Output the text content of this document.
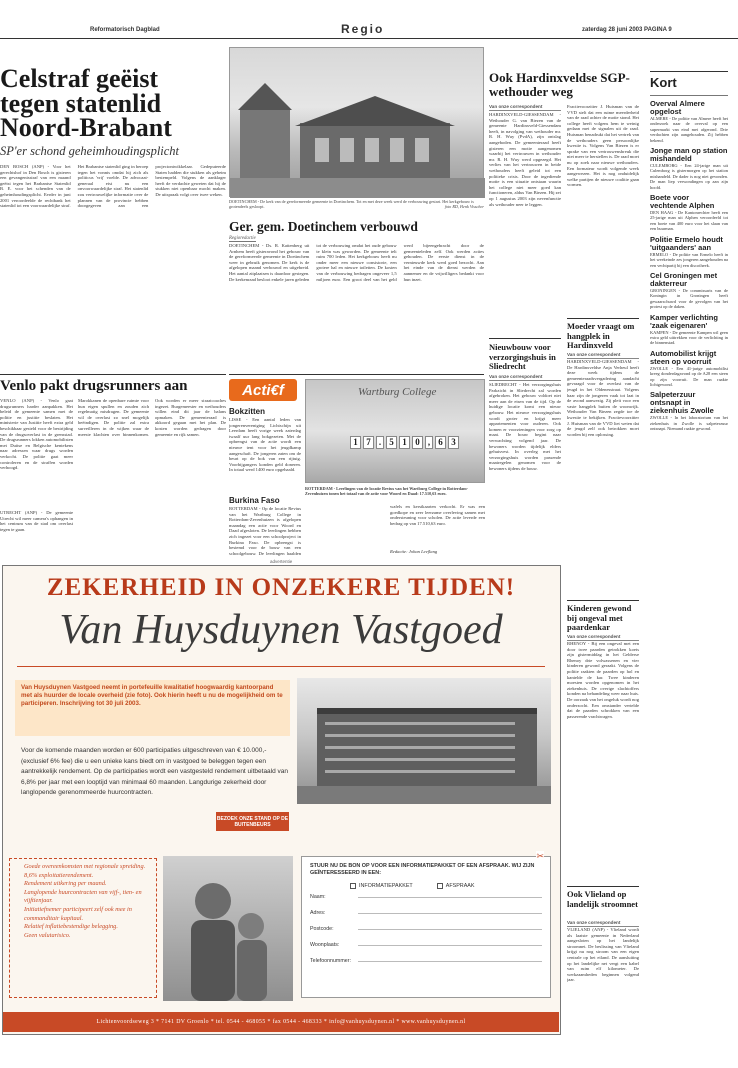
Reformatorisch Dagblad	Regio	zaterdag 28 juni 2003 PAGINA 9
Celstraf geëist tegen statenlid Noord-Brabant
SP'er schond geheimhoudingsplicht
DEN BOSCH (ANP) - Voor het gerechtshof in Den Bosch is gisteren een gevangenisstraf van een maand geëist tegen het Brabantse Statenlid B. E. voor het schenden van de geheimhoudingsplicht. Eerder in juni 2001 veroordeelde de rechtbank het statenlid tot een voorwaardelijke straf. Het Brabantse statenlid ging in beroep tegen het vonnis omdat hij zich als politicus 'vrij' voelde. De advocaat-generaal eist nu een onvoorwaardelijke straf. Het statenlid zou vertrouwelijke informatie over de plannen van de provincie hebben doorgegeven aan een projectontwikkelaar. Gedeputeerde Staten hadden die stukken als geheim bestempeld. Volgens de aanklager heeft de verdachte geweten dat hij de stukken niet openbaar mocht maken. De uitspraak volgt over twee weken.
Venlo pakt drugsrunners aan
VENLO (ANP) - Venlo gaat drugsrunners harder aanpakken. Het beleid de gemeente samen met de politie en justitie beslaten. Het ministerie van Justitie heeft extra geld beschikbaar gesteld voor de bestrijding van de drugsoverlast in de grensstad. De drugsrunners lokken automobilisten met Duitse en Belgische kentekens naar adressen waar drugs worden verkocht. De politie gaat meer controleren en de straffen worden verhoogd.
UTRECHT (ANP) - De gemeente Utrecht wil meer camera's ophangen in het centrum van de stad om overlast tegen te gaan.
Marokkanen de openbare ruimte voor hun eigen spullen en zouden zich regelmatig misdragen. De gemeente wil de overlast zo snel mogelijk beëindigen. De politie zal extra surveilleren in de wijken waar de meeste klachten over binnenkomen. Ook worden er meer straatcoaches ingezet. Burgemeester en wethouders willen eind dit jaar de balans opmaken. De gemeenteraad is akkoord gegaan met het plan. De kosten worden gedragen door gemeente en rijk samen.
DOETINCHEM - De kerk van de gereformeerde gemeente in Doetinchem. Tot en met deze week werd de verbouwing gestart. Het kerkgebouw is grotendeels gesloopt.	foto RD, Henk Visscher
Ger. gem. Doetinchem verbouwd
Regioredactie
DOETINCHEM - Ds. R. Kattenberg uit Arnhem heeft gisteravond het gebouw van de gereformeerde gemeente in Doetinchem weer in gebruik genomen. De kerk is de afgelopen maand verbouwd en uitgebreid. Het aantal zitplaatsen is daardoor gestegen. De kerkenraad besloot enkele jaren geleden tot de verbouwing omdat het oude gebouw te klein was geworden. De gemeente telt ruim 700 leden. Het kerkgebouw heeft nu onder meer een nieuwe consistorie, een grotere hal en nieuwe toiletten. De kosten van de verbouwing bedragen ongeveer 1,5 miljoen euro. Een groot deel van het geld werd bijeengebracht door de gemeenteleden zelf. Ook werden acties gehouden. De eerste dienst in de vernieuwde kerk werd goed bezocht. Aan het einde van de dienst werden de aannemer en de vrijwilligers bedankt voor hun inzet.
Acti€f
Bokzitten
LISSE - Een aantal leden van jongerenvereniging Lichtschijn uit Leerdam heeft vorige week zaterdag twaalf uur lang bokgezeten. Met de opbrengst van de actie wordt een nieuwe tent voor het jeugdkamp aangeschaft. De jongeren zaten om de beurt op de bok van een rijtuig. Voorbijgangers konden geld doneren. In totaal werd 1400 euro opgehaald.
Burkina Faso
ROTTERDAM - Op de locatie Revius van het Wartburg College in Rotterdam-Zevenhuizen is afgelopen maandag een actie voor Woord en Daad afgesloten. De leerlingen hebben zich ingezet voor een schoolproject in Burkina Faso. De opbrengst is bestemd voor de bouw van een schoolgebouw. De leerlingen haalden
Wartburg College
1 7 . 5 1 0 , 6 3
ROTTERDAM - Leerlingen van de locatie Revius van het Wartburg College in Rotterdam-Zevenhuizen tonen het totaal van de actie voor Woord en Daad: 17.510,63 euro.
wafels en kerstkaarten verkocht. Er was een goedkope en zeer leerzame overleving samen met ondersteuning voor scholen. De actie leverde een bedrag op van 17.510,63 euro.
Redactie: Johan Leeflang
Ook Hardinxveldse SGP-wethouder weg
Van onze correspondent
HARDINXVELD-GIESSENDAM - Wethouder G. van Biezen van de gemeente Hardinxveld-Giessendam heeft, in navolging van wethouder mr. R. H. Wuy (PvdA), zijn ontslag aangeboden. De gemeenteraad heeft gisteren een motie aangenomen waarbij het vertrouwen in wethouder mr. R. H. Wuy werd opgezegd. Het verlies van het vertrouwen in beide wethouders heeft geleid tot een politieke crisis. Door de ingediende motie is een situatie ontstaan waarin het college niet meer goed kan functioneren, aldus Van Biezen. Hij zei op 1 augustus 2003 zijn nevenfunctie als wethouder neer te leggen.
Fractievoorzitter J. Huisman van de VVD stelt dat een ruime meerderheid van de raad achter de motie stond. Het college heeft volgens hem te weinig gedaan met de signalen uit de raad. Huisman benadrukt dat het vertrek van de wethouders geen persoonlijke kwestie is. Volgens Van Biezen is er sprake van een vertrouwensbreuk die niet meer te herstellen is. De raad moet nu op zoek naar nieuwe wethouders. Een formateur wordt volgende week aangewezen. Het is nog onduidelijk welke partijen de nieuwe coalitie gaan vormen.
Nieuwbouw voor verzorgingshuis in Sliedrecht
Van onze correspondent
SLIEDRECHT - Het verzorgingshuis Parkzicht in Sliedrecht zal worden afgebroken. Het gebouw voldoet niet meer aan de eisen van de tijd. Op de huidige locatie komt een nieuw gebouw. Het nieuwe verzorgingshuis wordt groter en krijgt meer appartementen voor ouderen. Ook komen er voorzieningen voor zorg op maat. De bouw begint naar verwachting volgend jaar. De bewoners worden tijdelijk elders gehuisvest. In overleg met het verzorgingshuis worden passende maatregelen genomen voor de bewoners tijdens de bouw.
Moeder vraagt om hangplek in Hardinxveld
Van onze correspondent
HARDINXVELD-GIESSENDAM - De Hardinxveldse Anja Verheul heeft deze week tijdens de gemeenteraadsvergadering aandacht gevraagd voor de overlast van de jeugd in het Oldenesstraat. Volgens haar zijn de jongeren vaak tot laat in de avond aanwezig. Zij pleit voor een vaste hangplek buiten de woonwijk. Wethouder Van Biezen zegde toe de kwestie te bekijken. Fractievoorzitter J. Huisman van de VVD liet weten dat de jeugd zelf ook betrokken moet worden bij een oplossing.
Kinderen gewond bij ongeval met paardenkar
Van onze correspondent
RHENOY - Bij een ongeval met een door twee paarden getrokken koets zijn gistermiddag in het Gelderse Rhenoy drie volwassenen en vier kinderen gewond geraakt. Volgens de politie raakten de paarden op hol en kantelde de kar. Twee kinderen moesten worden opgenomen in het ziekenhuis. De overige slachtoffers konden na behandeling weer naar huis. De oorzaak van het ongeluk wordt nog onderzocht. Een omstander vertelde dat de paarden schrokken van een passerende vrachtwagen.
Ook Vlieland op landelijk stroomnet
Van onze correspondent
VLIELAND (ANP) - Vlieland wordt als laatste gemeente in Nederland aangesloten op het landelijk stroomnet. De beslissing van Vlieland krijgt nu nog stroom van een eigen centrale op het eiland. De aansluiting op het landelijke net vergt een kabel van ruim elf kilometer. De werkzaamheden beginnen volgend jaar.
Kort
Overval Almere opgelost
ALMERE - De politie van Almere heeft het onderzoek naar de overval op een supermarkt van eind mei afgerond. Drie verdachten zijn aangehouden. Zij hebben bekend.
Jonge man op station mishandeld
CULEMBORG - Een 24-jarige man uit Culemborg is gistermorgen op het station mishandeld. De dader is nog niet gevonden. De man liep verwondingen op aan zijn hoofd.
Boete voor vechtende Alphen
DEN HAAG - De Kantonrechter heeft een 25-jarige man uit Alphen veroordeeld tot een boete van 400 euro voor het slaan van een buurman.
Politie Ermelo houdt 'uitgaanders' aan
ERMELO - De politie van Ermelo heeft in het weekeinde zes jongeren aangehouden na een vechtpartij bij een discotheek.
Cel Groningen met dakterreur
GRONINGEN - De commissaris van de Koningin in Groningen heeft gewaarschuwd voor de gevolgen van het protest op de daken.
Kamper verlichting 'zaak eigenaren'
KAMPEN - De gemeente Kampen wil geen extra geld uittrekken voor de verlichting in de binnenstad.
Automobilist krijgt steen op voorruit
ZWOLLE - Een 41-jarige automobilist kreeg donderdagavond op de A28 een steen op zijn voorruit. De man raakte lichtgewond.
Salpeterzuur ontsnapt in ziekenhuis Zwolle
ZWOLLE - In het laboratorium van het ziekenhuis in Zwolle is salpeterzuur ontsnapt. Niemand raakte gewond.
advertentie
ZEKERHEID IN ONZEKERE TIJDEN!
Van Huysduynen Vastgoed
Van Huysduynen Vastgoed neemt in portefeuille kwalitatief hoogwaardig kantoorpand met als huurder de locale overheid (zie foto). Ook hierin heeft u nu de mogelijkheid om te participeren. Inschrijving tot 30 juli 2003.
Voor de komende maanden worden er 600 participaties uitgeschreven van € 10.000,- (exclusief 6% fee) die u een unieke kans biedt om in vastgoed te beleggen tegen een aantrekkelijk rendement. Op de participaties wordt een vastgesteld rendement uitbetaald van 6,8% per jaar met een looptijd van minimaal 60 maanden. Langdurige zekerheid door langlopende gerenommeerde huurcontracten.
BEZOEK ONZE STAND OP DE BUITENBEURS
Goede overeenkomsten met regionale spreiding.
8,6% exploitatierendement.
Rendement uitkering per maand.
Langlopende huurcontracten van vijf-, tien- en vijftienjaar.
Initiatiefnemer participeert zelf ook mee in commanditair kapitaal.
Relatief inflatiebestendige belegging.
Geen valutarisico.
✂
STUUR NU DE BON OP VOOR EEN INFORMATIEPAKKET OF EEN AFSPRAAK. WIJ ZIJN GEÏNTERESSEERD IN EEN:
INFORMATIEPAKKET	AFSPRAAK
Naam:
Adres:
Postcode:
Woonplaats:
Telefoonnummer:
Lichtenvoordseweg 3 * 7141 DV Groenlo * tel. 0544 - 468055 * fax 0544 - 468333 * info@vanhuysduynen.nl * www.vanhuysduynen.nl
